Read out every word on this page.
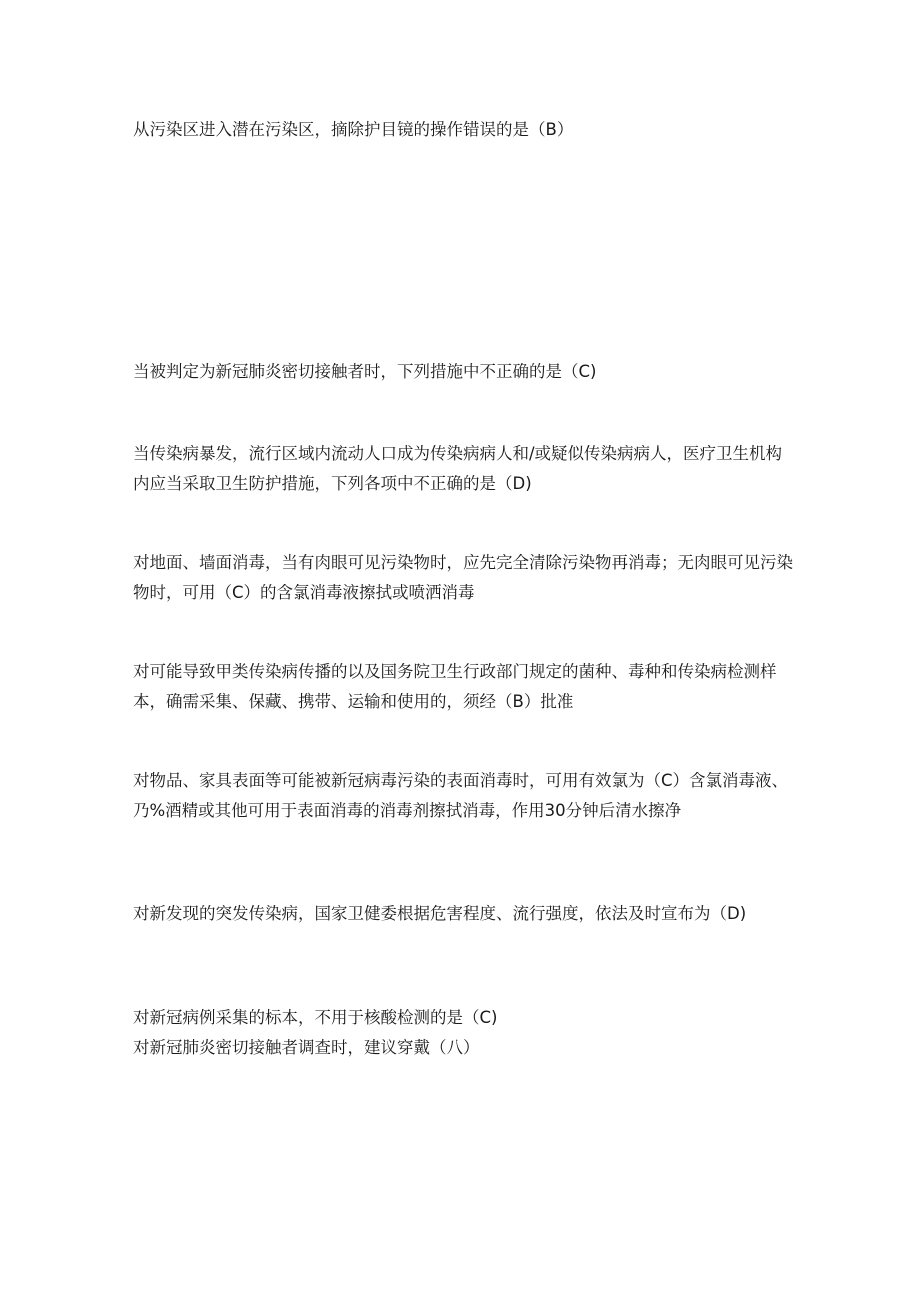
从污染区进入潜在污染区，摘除护目镜的操作错误的是（B）
当被判定为新冠肺炎密切接触者时，下列措施中不正确的是（C)
当传染病暴发，流行区域内流动人口成为传染病病人和/或疑似传染病病人，医疗卫生机构内应当采取卫生防护措施，下列各项中不正确的是（D)
对地面、墙面消毒，当有肉眼可见污染物时，应先完全清除污染物再消毒；无肉眼可见污染物时，可用（C）的含氯消毒液擦拭或喷洒消毒
对可能导致甲类传染病传播的以及国务院卫生行政部门规定的菌种、毒种和传染病检测样本，确需采集、保藏、携带、运输和使用的，须经（B）批准
对物品、家具表面等可能被新冠病毒污染的表面消毒时，可用有效氯为（C）含氯消毒液、乃%酒精或其他可用于表面消毒的消毒剂擦拭消毒，作用30分钟后清水擦净
对新发现的突发传染病，国家卫健委根据危害程度、流行强度，依法及时宣布为（D)
对新冠病例采集的标本，不用于核酸检测的是（C)
对新冠肺炎密切接触者调查时，建议穿戴（八）
